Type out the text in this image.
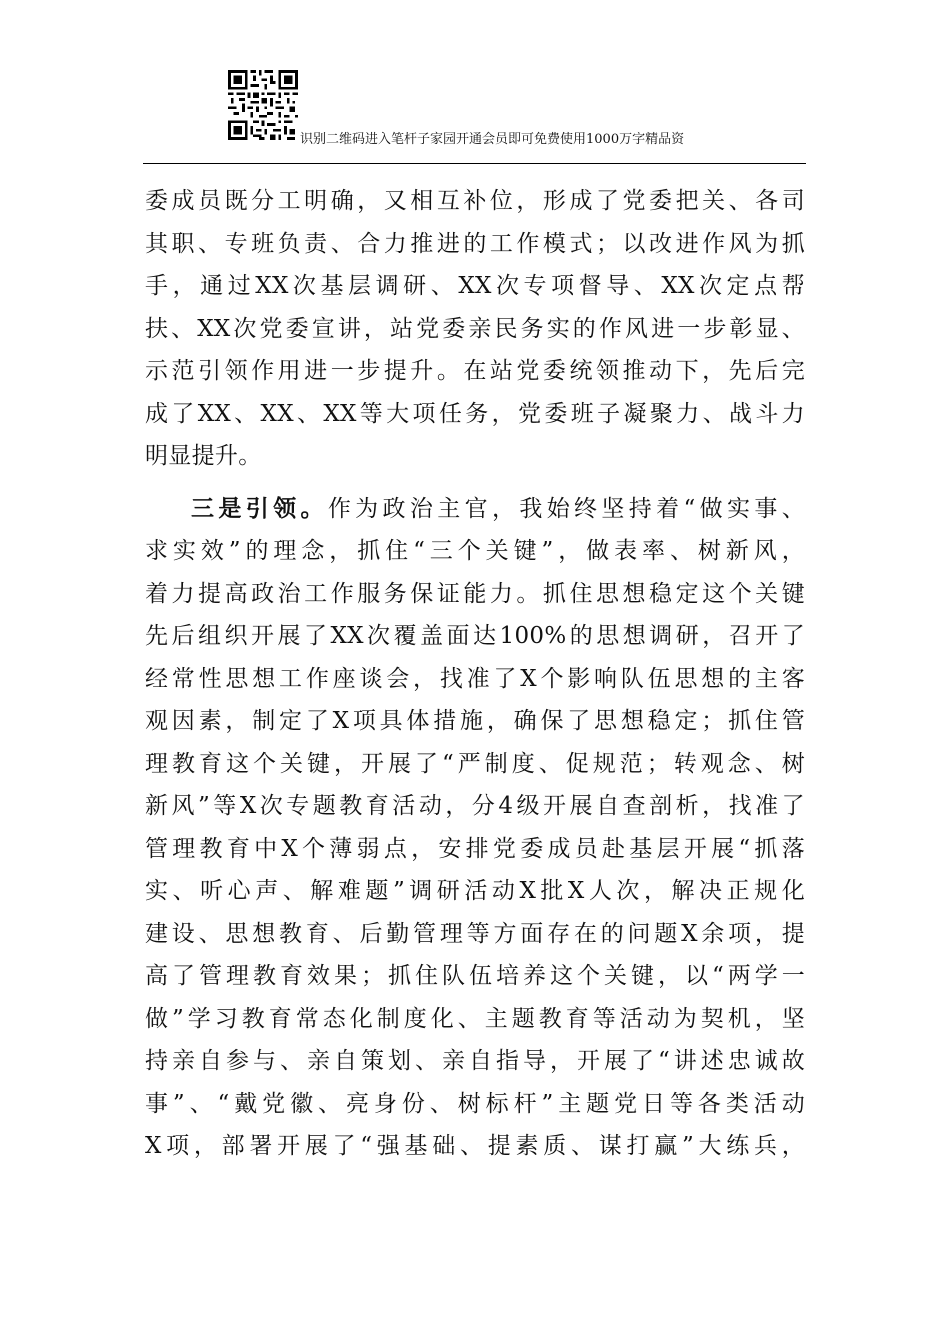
识别二维码进入笔杆子家园开通会员即可免费使用1000万字精品资
委成员既分工明确，又相互补位，形成了党委把关、各司
其职、专班负责、合力推进的工作模式；以改进作风为抓
手，通过XX次基层调研、XX次专项督导、XX次定点帮
扶、XX次党委宣讲，站党委亲民务实的作风进一步彰显、
示范引领作用进一步提升。在站党委统领推动下，先后完
成了XX、XX、XX等大项任务，党委班子凝聚力、战斗力
明显提升。
三是引领。作为政治主官，我始终坚持着“做实事、
求实效”的理念，抓住“三个关键”，做表率、树新风，
着力提高政治工作服务保证能力。抓住思想稳定这个关键
先后组织开展了XX次覆盖面达100%的思想调研，召开了
经常性思想工作座谈会，找准了X个影响队伍思想的主客
观因素，制定了X项具体措施，确保了思想稳定；抓住管
理教育这个关键，开展了“严制度、促规范；转观念、树
新风”等X次专题教育活动，分4级开展自查剖析，找准了
管理教育中X个薄弱点，安排党委成员赴基层开展“抓落
实、听心声、解难题”调研活动X批X人次，解决正规化
建设、思想教育、后勤管理等方面存在的问题X余项，提
高了管理教育效果；抓住队伍培养这个关键，以“两学一
做”学习教育常态化制度化、主题教育等活动为契机，坚
持亲自参与、亲自策划、亲自指导，开展了“讲述忠诚故
事”、“戴党徽、亮身份、树标杆”主题党日等各类活动
X项，部署开展了“强基础、提素质、谋打赢”大练兵，
